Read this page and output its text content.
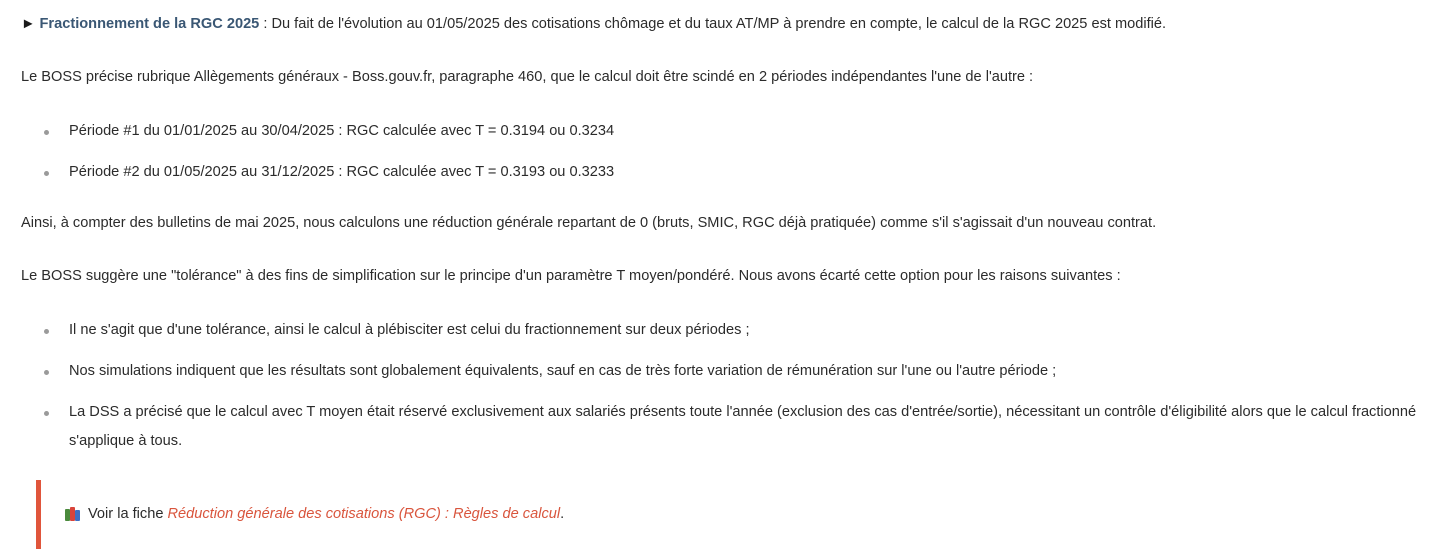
► Fractionnement de la RGC 2025 : Du fait de l'évolution au 01/05/2025 des cotisations chômage et du taux AT/MP à prendre en compte, le calcul de la RGC 2025 est modifié.

Le BOSS précise rubrique Allègements généraux - Boss.gouv.fr, paragraphe 460, que le calcul doit être scindé en 2 périodes indépendantes l'une de l'autre :

Période #1 du 01/01/2025 au 30/04/2025 : RGC calculée avec T = 0.3194 ou 0.3234
Période #2 du 01/05/2025 au 31/12/2025 : RGC calculée avec T = 0.3193 ou 0.3233

Ainsi, à compter des bulletins de mai 2025, nous calculons une réduction générale repartant de 0 (bruts, SMIC, RGC déjà pratiquée) comme s'il s'agissait d'un nouveau contrat.

Le BOSS suggère une "tolérance" à des fins de simplification sur le principe d'un paramètre T moyen/pondéré. Nous avons écarté cette option pour les raisons suivantes :

Il ne s'agit que d'une tolérance, ainsi le calcul à plébisciter est celui du fractionnement sur deux périodes ;
Nos simulations indiquent que les résultats sont globalement équivalents, sauf en cas de très forte variation de rémunération sur l'une ou l'autre période ;
La DSS a précisé que le calcul avec T moyen était réservé exclusivement aux salariés présents toute l'année (exclusion des cas d'entrée/sortie), nécessitant un contrôle d'éligibilité alors que le calcul fractionné s'applique à tous.
Voir la fiche Réduction générale des cotisations (RGC) : Règles de calcul .
